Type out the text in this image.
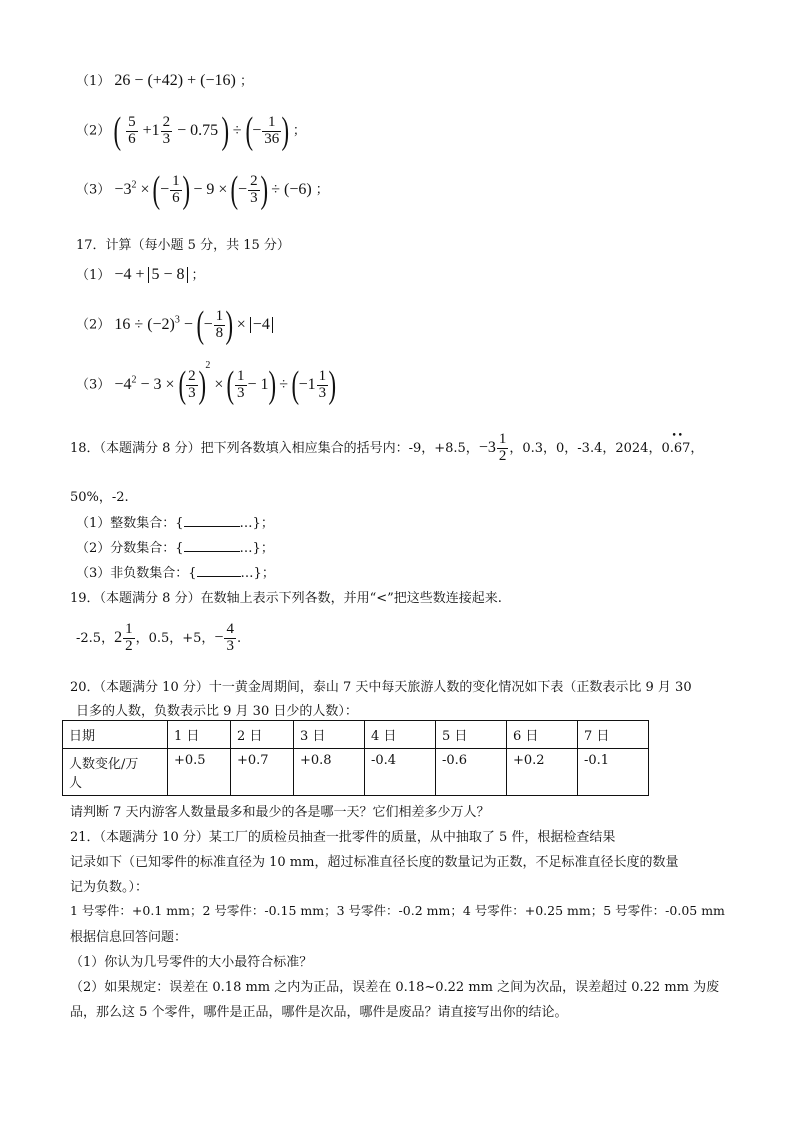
（1） 26 − (+42) + (−16) ；
（2） ( $\frac{5}{6} +1 \frac{2}{3} - 0.75$ ) ÷ (− $\frac{1}{36}$ ) ；
$(3) -3^2$ × (− $\frac{1}{6}$ ) − 9 × (− $\frac{2}{3}$ ) ÷ (−6) ；
17．计算（每小题 5 分，共 15 分）
（1） −4 + 5 − 8 ；
（2） $16 \div (-2)^3$ − (− $\frac{1}{8}$ ) × −4
$(3) -4^2 - 3$ × ( $\frac{2}{3} )^2$ × ( $\frac{1}{3} - 1) \div (-1 \frac{1}{3}$ )
18．（本题满分 8 分）把下列各数填入相应集合的括号内：-9，+8.5，$-3 \frac{1}{2}$ ，0.3，0，-3.4，2024，
• •
0.67，
50%，-2.
（1）整数集合：{	…}；
（2）分数集合：{	…}；
（3）非负数集合：{	…}；
19．（本题满分 8 分）在数轴上表示下列各数，并用“<”把这些数连接起来.
-2.5，$2 \frac{1}{2}$ ，0.5，+5，− $\frac{4}{3}$ .
20．（本题满分 10 分）十一黄金周期间，泰山 7 天中每天旅游人数的变化情况如下表（正数表示比 9 月 30
日多的人数，负数表示比 9 月 30 日少的人数）：
日期	1 日	2 日	3 日	4 日	5 日	6 日	7 日
人数变化/万
人	+0.5	+0.7	+0.8	-0.4	-0.6	+0.2	-0.1
请判断 7 天内游客人数量最多和最少的各是哪一天？它们相差多少万人？
21．（本题满分 10 分）某工厂的质检员抽查一批零件的质量，从中抽取了 5 件，根据检查结果
记录如下（已知零件的标准直径为 10 mm，超过标准直径长度的数量记为正数，不足标准直径长度的数量
记为负数。）：
1 号零件：+0.1 mm；2 号零件：-0.15 mm；3 号零件：-0.2 mm；4 号零件：+0.25 mm；5 号零件：-0.05 mm
根据信息回答问题：
（1）你认为几号零件的大小最符合标准？
（2）如果规定：误差在 0.18 mm 之内为正品，误差在 0.18~0.22 mm 之间为次品，误差超过 0.22 mm 为废
品，那么这 5 个零件，哪件是正品，哪件是次品，哪件是废品？请直接写出你的结论。
